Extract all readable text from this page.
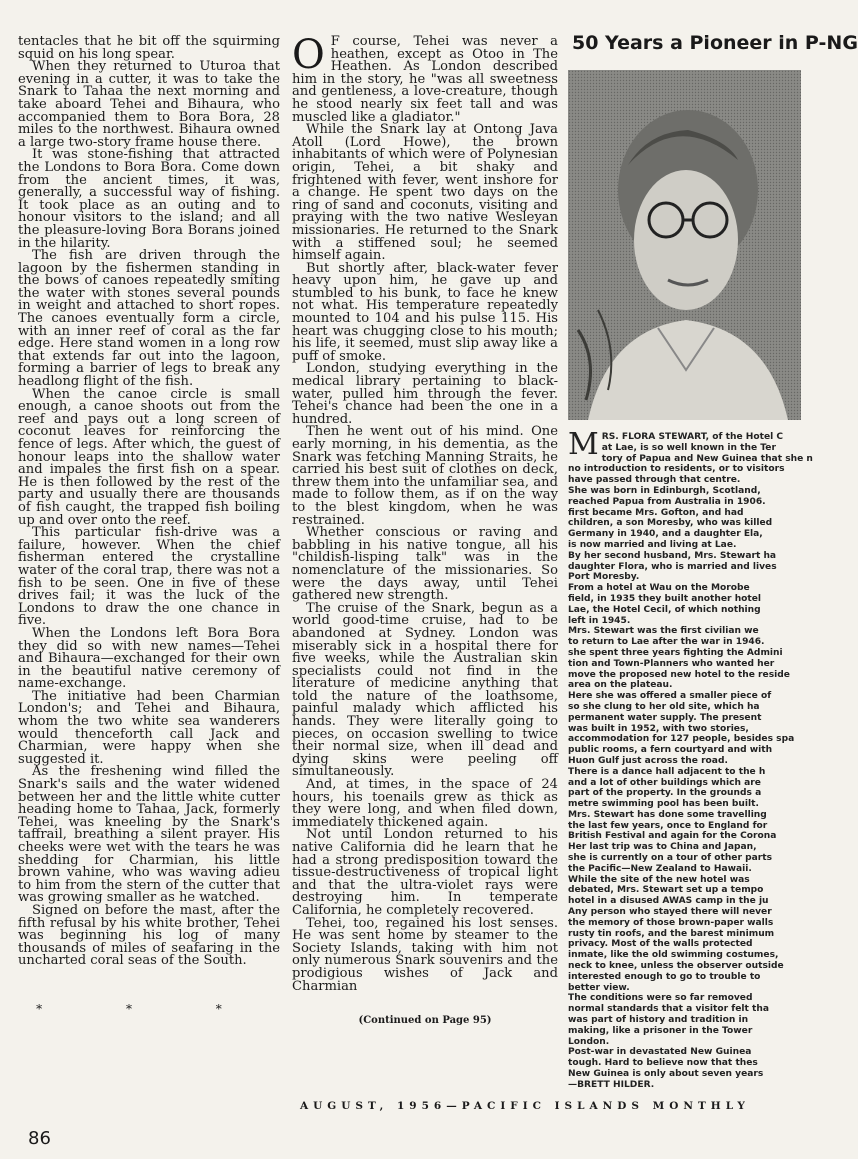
tentacles that he bit off the squirming squid on his long spear.

When they returned to Uturoa that evening in a cutter, it was to take the Snark to Tahaa the next morning and take aboard Tehei and Bihaura, who accompanied them to Bora Bora, 28 miles to the northwest. Bihaura owned a large two-story frame house there.

It was stone-fishing that attracted the Londons to Bora Bora. Come down from the ancient times, it was, generally, a successful way of fishing. It took place as an outing and to honour visitors to the island; and all the pleasure-loving Bora Borans joined in the hilarity.

The fish are driven through the lagoon by the fishermen standing in the bows of canoes repeatedly smiting the water with stones several pounds in weight and attached to short ropes. The canoes eventually form a circle, with an inner reef of coral as the far edge. Here stand women in a long row that extends far out into the lagoon, forming a barrier of legs to break any headlong flight of the fish.

When the canoe circle is small enough, a canoe shoots out from the reef and pays out a long screen of coconut leaves for reinforcing the fence of legs. After which, the guest of honour leaps into the shallow water and impales the first fish on a spear. He is then followed by the rest of the party and usually there are thousands of fish caught, the trapped fish boiling up and over onto the reef.

This particular fish-drive was a failure, however. When the chief fisherman entered the crystalline water of the coral trap, there was not a fish to be seen. One in five of these drives fail; it was the luck of the Londons to draw the one chance in five.

When the Londons left Bora Bora they did so with new names—Tehei and Bihaura—exchanged for their own in the beautiful native ceremony of name-exchange.

The initiative had been Charmian London's; and Tehei and Bihaura, whom the two white sea wanderers would thenceforth call Jack and Charmian, were happy when she suggested it.

As the freshening wind filled the Snark's sails and the water widened between her and the little white cutter heading home to Tahaa, Jack, formerly Tehei, was kneeling by the Snark's taffrail, breathing a silent prayer. His cheeks were wet with the tears he was shedding for Charmian, his little brown vahine, who was waving adieu to him from the stern of the cutter that was growing smaller as he watched.

Signed on before the mast, after the fifth refusal by his white brother, Tehei was beginning his log of many thousands of miles of seafaring in the uncharted coral seas of the South.

* * *
O F course, Tehei was never a heathen, except as Otoo in The Heathen. As London described him in the story, he "was all sweetness and gentleness, a love-creature, though he stood nearly six feet tall and was muscled like a gladiator."

While the Snark lay at Ontong Java Atoll (Lord Howe), the brown inhabitants of which were of Polynesian origin, Tehei, a bit shaky and frightened with fever, went inshore for a change. He spent two days on the ring of sand and coconuts, visiting and praying with the two native Wesleyan missionaries. He returned to the Snark with a stiffened soul; he seemed himself again.

But shortly after, black-water fever heavy upon him, he gave up and stumbled to his bunk, to face he knew not what. His temperature repeatedly mounted to 104 and his pulse 115. His heart was chugging close to his mouth; his life, it seemed, must slip away like a puff of smoke.

London, studying everything in the medical library pertaining to black-water, pulled him through the fever. Tehei's chance had been the one in a hundred.

Then he went out of his mind. One early morning, in his dementia, as the Snark was fetching Manning Straits, he carried his best suit of clothes on deck, threw them into the unfamiliar sea, and made to follow them, as if on the way to the blest kingdom, when he was restrained.

Whether conscious or raving and babbling in his native tongue, all his "childish-lisping talk" was in the nomenclature of the missionaries. So were the days away, until Tehei gathered new strength.

The cruise of the Snark, begun as a world good-time cruise, had to be abandoned at Sydney. London was miserably sick in a hospital there for five weeks, while the Australian skin specialists could not find in the literature of medicine anything that told the nature of the loathsome, painful malady which afflicted his hands. They were literally going to pieces, on occasion swelling to twice their normal size, when ill dead and dying skins were peeling off simultaneously.

And, at times, in the space of 24 hours, his toenails grew as thick as they were long, and when filed down, immediately thickened again.

Not until London returned to his native California did he learn that he had a strong predisposition toward the tissue-destructiveness of tropical light and that the ultra-violet rays were destroying him. In temperate California, he completely recovered.

Tehei, too, regained his lost senses. He was sent home by steamer to the Society Islands, taking with him not only numerous Snark souvenirs and the prodigious wishes of Jack and Charmian

(Continued on Page 95)
50 Years a Pioneer in P-NG
M RS. FLORA STEWART, of the Hotel C

at Lae, is so well known in the Ter

tory of Papua and New Guinea that she n

no introduction to residents, or to visitors

have passed through that centre.

She was born in Edinburgh, Scotland,

reached Papua from Australia in 1906.

first became Mrs. Gofton, and had

children, a son Moresby, who was killed

Germany in 1940, and a daughter Ela,

is now married and living at Lae.

By her second husband, Mrs. Stewart ha

daughter Flora, who is married and lives

Port Moresby.

From a hotel at Wau on the Morobe

field, in 1935 they built another hotel

Lae, the Hotel Cecil, of which nothing

left in 1945.

Mrs. Stewart was the first civilian we

to return to Lae after the war in 1946.

she spent three years fighting the Admini

tion and Town-Planners who wanted her

move the proposed new hotel to the reside

area on the plateau.

Here she was offered a smaller piece of

so she clung to her old site, which ha

permanent water supply. The present

was built in 1952, with two stories,

accommodation for 127 people, besides spa

public rooms, a fern courtyard and with

Huon Gulf just across the road.

There is a dance hall adjacent to the h

and a lot of other buildings which are

part of the property. In the grounds a

metre swimming pool has been built.

Mrs. Stewart has done some travelling

the last few years, once to England for

British Festival and again for the Corona

Her last trip was to China and Japan,

she is currently on a tour of other parts

the Pacific—New Zealand to Hawaii.

While the site of the new hotel was

debated, Mrs. Stewart set up a tempo

hotel in a disused AWAS camp in the ju

Any person who stayed there will never

the memory of those brown-paper walls

rusty tin roofs, and the barest minimum

privacy. Most of the walls protected

inmate, like the old swimming costumes,

neck to knee, unless the observer outside

interested enough to go to trouble to

better view.

The conditions were so far removed

normal standards that a visitor felt tha

was part of history and tradition in

making, like a prisoner in the Tower

London.

Post-war in devastated New Guinea

tough. Hard to believe now that thes

New Guinea is only about seven years

—BRETT HILDER.

AUGUST, 1956—PACIFIC ISLANDS MONTHLY
86
